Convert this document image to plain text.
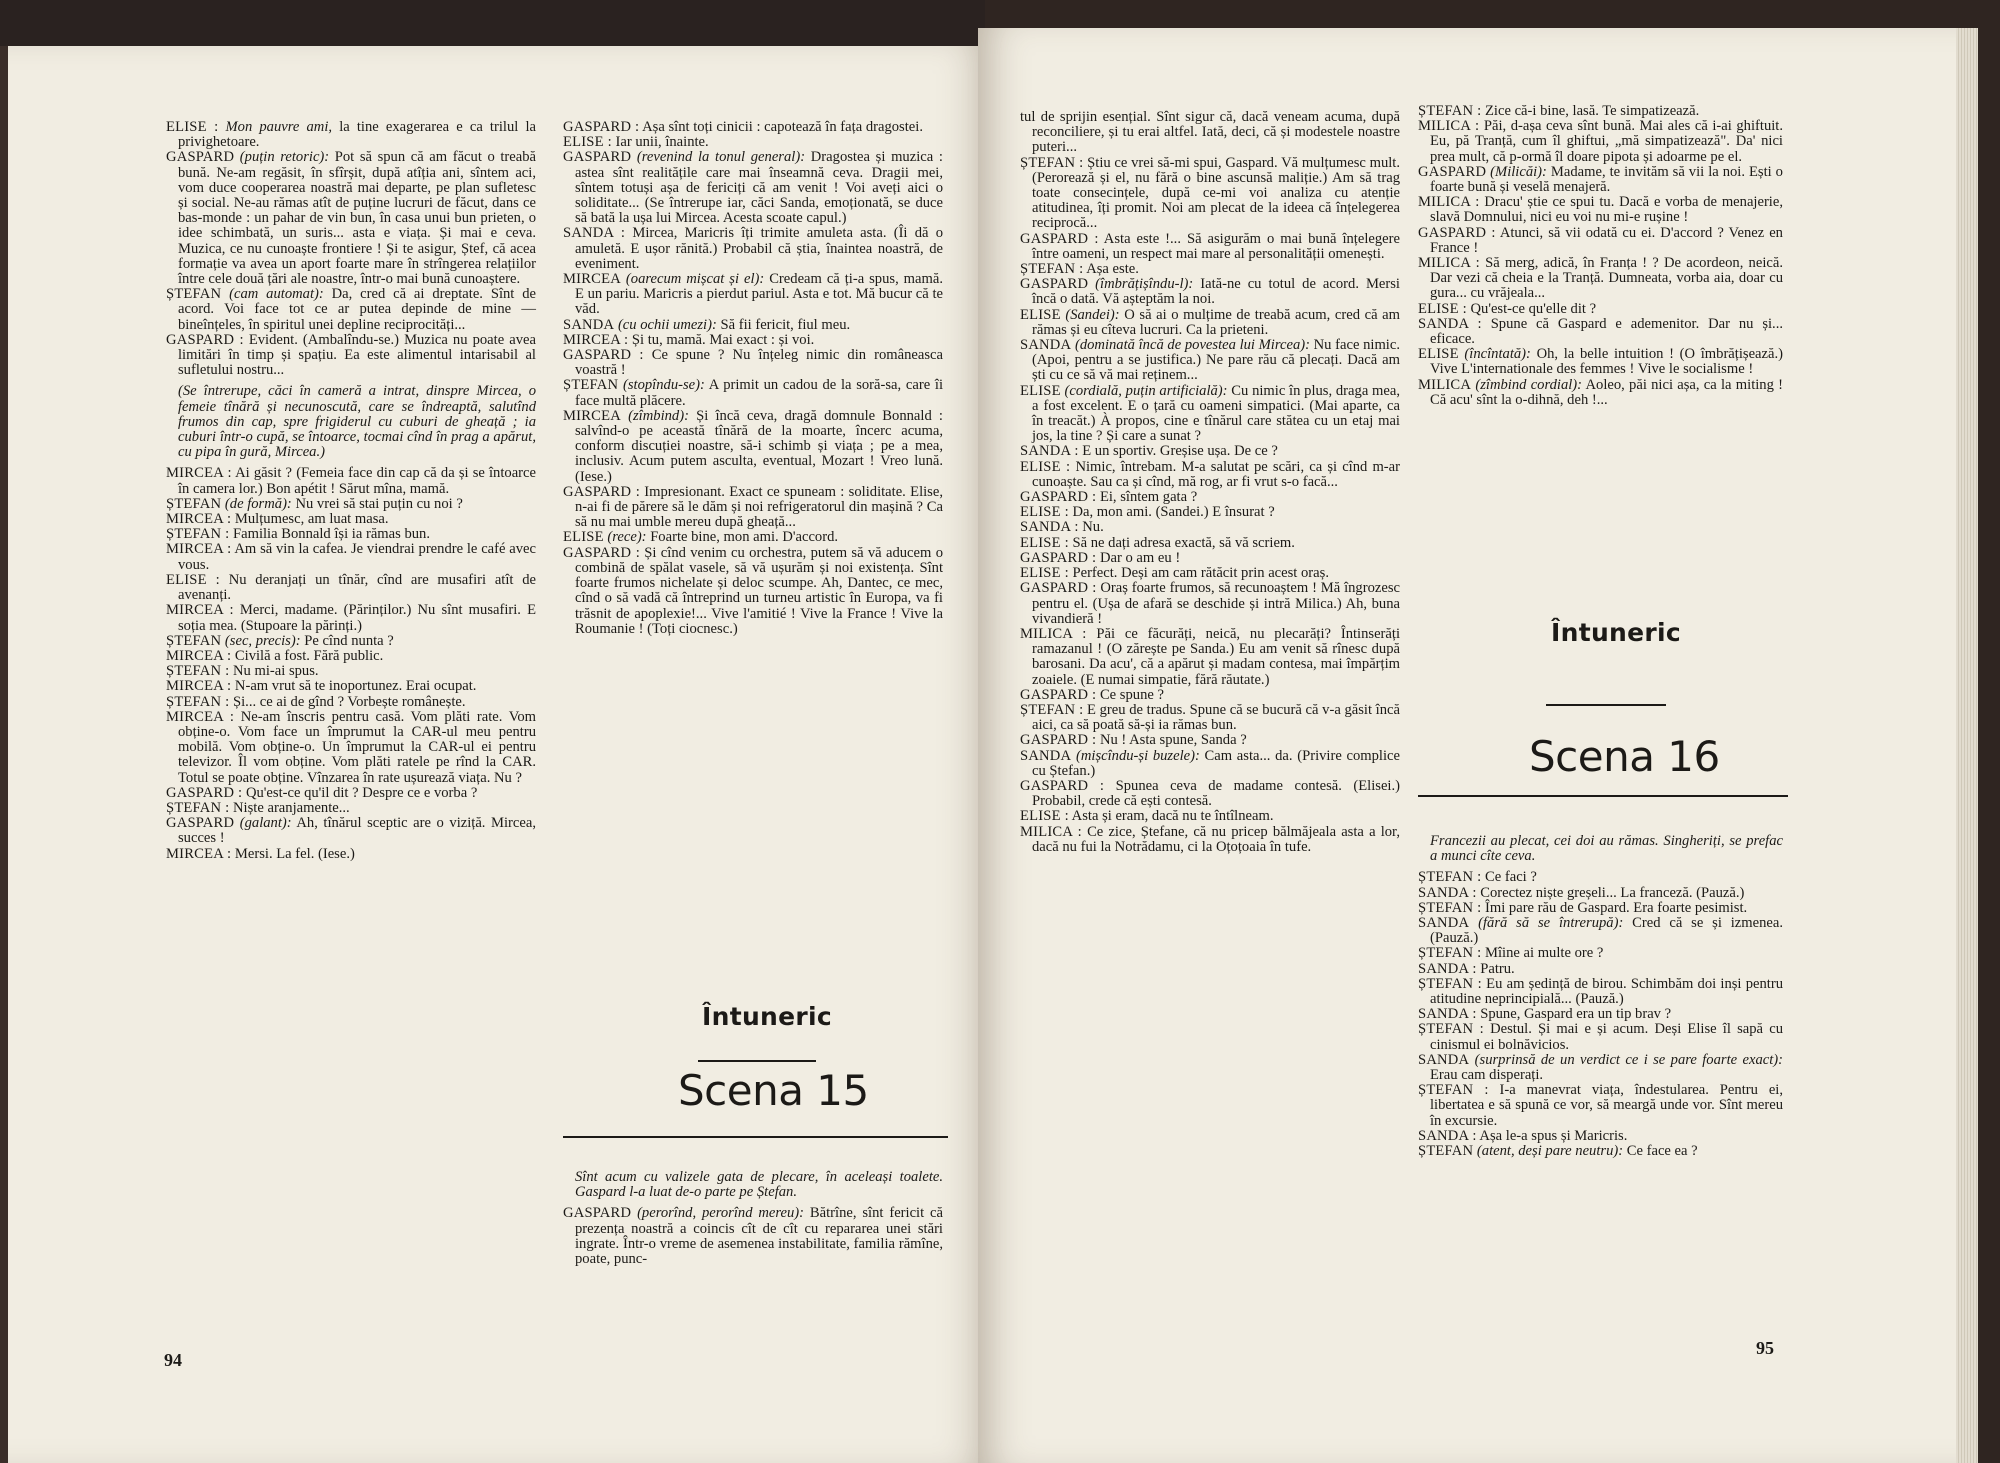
ELISE : Mon pauvre ami, la tine exagerarea e ca trilul la privighetoare.

GASPARD (puțin retoric): Pot să spun că am făcut o treabă bună. Ne-am regăsit, în sfîrșit, după atîția ani, sîntem aci, vom duce cooperarea noastră mai departe, pe plan sufletesc și social. Ne-au rămas atît de puține lucruri de făcut, dans ce bas-monde : un pahar de vin bun, în casa unui bun prieten, o idee schimbată, un suris... asta e viața. Și mai e ceva. Muzica, ce nu cunoaște frontiere ! Și te asigur, Ștef, că acea formație va avea un aport foarte mare în strîngerea relațiilor între cele două țări ale noastre, într-o mai bună cunoaștere.

ȘTEFAN (cam automat): Da, cred că ai dreptate. Sînt de acord. Voi face tot ce ar putea depinde de mine — bineînțeles, în spiritul unei depline reciprocități...

GASPARD : Evident. (Ambalîndu-se.) Muzica nu poate avea limitări în timp și spațiu. Ea este alimentul intarisabil al sufletului nostru...

(Se întrerupe, căci în cameră a intrat, dinspre Mircea, o femeie tînără și necunoscută, care se îndreaptă, salutînd frumos din cap, spre frigiderul cu cuburi de gheață ; ia cuburi într-o cupă, se întoarce, tocmai cînd în prag a apărut, cu pipa în gură, Mircea.)

MIRCEA : Ai găsit ? (Femeia face din cap că da și se întoarce în camera lor.) Bon apétit ! Sărut mîna, mamă.

ȘTEFAN (de formă): Nu vrei să stai puțin cu noi ?

MIRCEA : Mulțumesc, am luat masa.

ȘTEFAN : Familia Bonnald își ia rămas bun.

MIRCEA : Am să vin la cafea. Je viendrai prendre le café avec vous.

ELISE : Nu deranjați un tînăr, cînd are musafiri atît de avenanți.

MIRCEA : Merci, madame. (Părinților.) Nu sînt musafiri. E soția mea. (Stupoare la părinți.)

ȘTEFAN (sec, precis): Pe cînd nunta ?

MIRCEA : Civilă a fost. Fără public.

ȘTEFAN : Nu mi-ai spus.

MIRCEA : N-am vrut să te inoportunez. Erai ocupat.

ȘTEFAN : Și... ce ai de gînd ? Vorbește românește.

MIRCEA : Ne-am înscris pentru casă. Vom plăti rate. Vom obține-o. Vom face un împrumut la CAR-ul meu pentru mobilă. Vom obține-o. Un împrumut la CAR-ul ei pentru televizor. Îl vom obține. Vom plăti ratele pe rînd la CAR. Totul se poate obține. Vînzarea în rate ușurează viața. Nu ?

GASPARD : Qu'est-ce qu'il dit ? Despre ce e vorba ?

ȘTEFAN : Niște aranjamente...

GASPARD (galant): Ah, tînărul sceptic are o viziță. Mircea, succes !

MIRCEA : Mersi. La fel. (Iese.)

GASPARD : Așa sînt toți cinicii : capotează în fața dragostei.

ELISE : Iar unii, înainte.

GASPARD (revenind la tonul general): Dragostea și muzica : astea sînt realitățile care mai înseamnă ceva. Dragii mei, sîntem totuși așa de fericiți că am venit ! Voi aveți aici o soliditate... (Se întrerupe iar, căci Sanda, emoționată, se duce să bată la ușa lui Mircea. Acesta scoate capul.)

SANDA : Mircea, Maricris îți trimite amuleta asta. (Îi dă o amuletă. E ușor rănită.) Probabil că știa, înaintea noastră, de eveniment.

MIRCEA (oarecum mișcat și el): Credeam că ți-a spus, mamă. E un pariu. Maricris a pierdut pariul. Asta e tot. Mă bucur că te văd.

SANDA (cu ochii umezi): Să fii fericit, fiul meu.

MIRCEA : Și tu, mamă. Mai exact : și voi.

GASPARD : Ce spune ? Nu înțeleg nimic din româneasca voastră !

ȘTEFAN (stopîndu-se): A primit un cadou de la soră-sa, care îi face multă plăcere.

MIRCEA (zîmbind): Și încă ceva, dragă domnule Bonnald : salvînd-o pe această tînără de la moarte, încerc acuma, conform discuției noastre, să-i schimb și viața ; pe a mea, inclusiv. Acum putem asculta, eventual, Mozart ! Vreo lună. (Iese.)

GASPARD : Impresionant. Exact ce spuneam : soliditate. Elise, n-ai fi de părere să le dăm și noi refrigeratorul din mașină ? Ca să nu mai umble mereu după gheață...

ELISE (rece): Foarte bine, mon ami. D'accord.

GASPARD : Și cînd venim cu orchestra, putem să vă aducem o combină de spălat vasele, să vă ușurăm și noi existența. Sînt foarte frumos nichelate și deloc scumpe. Ah, Dantec, ce mec, cînd o să vadă că întreprind un turneu artistic în Europa, va fi trăsnit de apoplexie!... Vive l'amitié ! Vive la France ! Vive la Roumanie ! (Toți ciocnesc.)

Întuneric
Scena 15

Sînt acum cu valizele gata de plecare, în aceleași toalete. Gaspard l-a luat de-o parte pe Ștefan.

GASPARD (perorînd, perorînd mereu): Bătrîne, sînt fericit că prezența noastră a coincis cît de cît cu repararea unei stări ingrate. Într-o vreme de asemenea instabilitate, familia rămîne, poate, punc-

94

tul de sprijin esențial. Sînt sigur că, dacă veneam acuma, după reconciliere, și tu erai altfel. Iată, deci, că și modestele noastre puteri...

ȘTEFAN : Știu ce vrei să-mi spui, Gaspard. Vă mulțumesc mult. (Perorează și el, nu fără o bine ascunsă maliție.) Am să trag toate consecințele, după ce-mi voi analiza cu atenție atitudinea, îți promit. Noi am plecat de la ideea că înțelegerea reciprocă...

GASPARD : Asta este !... Să asigurăm o mai bună înțelegere între oameni, un respect mai mare al personalității omenești.

ȘTEFAN : Așa este.

GASPARD (îmbrățișîndu-l): Iată-ne cu totul de acord. Mersi încă o dată. Vă așteptăm la noi.

ELISE (Sandei): O să ai o mulțime de treabă acum, cred că am rămas și eu cîteva lucruri. Ca la prieteni.

SANDA (dominată încă de povestea lui Mircea): Nu face nimic. (Apoi, pentru a se justifica.) Ne pare rău că plecați. Dacă am ști cu ce să vă mai reținem...

ELISE (cordială, puțin artificială): Cu nimic în plus, draga mea, a fost excelent. E o țară cu oameni simpatici. (Mai aparte, ca în treacăt.) À propos, cine e tînărul care stătea cu un etaj mai jos, la tine ? Și care a sunat ?

SANDA : E un sportiv. Greșise ușa. De ce ?

ELISE : Nimic, întrebam. M-a salutat pe scări, ca și cînd m-ar cunoaște. Sau ca și cînd, mă rog, ar fi vrut s-o facă...

GASPARD : Ei, sîntem gata ?

ELISE : Da, mon ami. (Sandei.) E însurat ?

SANDA : Nu.

ELISE : Să ne dați adresa exactă, să vă scriem.

GASPARD : Dar o am eu !

ELISE : Perfect. Deși am cam rătăcit prin acest oraș.

GASPARD : Oraș foarte frumos, să recunoaștem ! Mă îngrozesc pentru el. (Ușa de afară se deschide și intră Milica.) Ah, buna vivandieră !

MILICA : Păi ce făcurăți, neică, nu plecarăți? Întinserăți ramazanul ! (O zărește pe Sanda.) Eu am venit să rînesc după barosani. Da acu', că a apărut și madam contesa, mai împărțim zoaiele. (E numai simpatie, fără răutate.)

GASPARD : Ce spune ?

ȘTEFAN : E greu de tradus. Spune că se bucură că v-a găsit încă aici, ca să poată să-și ia rămas bun.

GASPARD : Nu ! Asta spune, Sanda ?

SANDA (mișcîndu-și buzele): Cam asta... da. (Privire complice cu Ștefan.)

GASPARD : Spunea ceva de madame contesă. (Elisei.) Probabil, crede că ești contesă.

ELISE : Asta și eram, dacă nu te întîlneam.

MILICA : Ce zice, Ștefane, că nu pricep bălmăjeala asta a lor, dacă nu fui la Notrădamu, ci la Oțoțoaia în tufe.

ȘTEFAN : Zice că-i bine, lasă. Te simpatizează.

MILICA : Păi, d-așa ceva sînt bună. Mai ales că i-ai ghiftuit. Eu, pă Tranță, cum îl ghiftui, „mă simpatizează". Da' nici prea mult, că p-ormă îl doare pipota și adoarme pe el.

GASPARD (Milicăi): Madame, te invităm să vii la noi. Ești o foarte bună și veselă menajeră.

MILICA : Dracu' știe ce spui tu. Dacă e vorba de menajerie, slavă Domnului, nici eu voi nu mi-e rușine !

GASPARD : Atunci, să vii odată cu ei. D'accord ? Venez en France !

MILICA : Să merg, adică, în Franța ! ? De acordeon, neică. Dar vezi că cheia e la Tranță. Dumneata, vorba aia, doar cu gura... cu vrăjeala...

ELISE : Qu'est-ce qu'elle dit ?

SANDA : Spune că Gaspard e ademenitor. Dar nu și... eficace.

ELISE (încîntată): Oh, la belle intuition ! (O îmbrățișează.) Vive L'internationale des femmes ! Vive le socialisme !

MILICA (zîmbind cordial): Aoleo, păi nici așa, ca la miting ! Că acu' sînt la o-dihnă, deh !...

Întuneric
Scena 16

Francezii au plecat, cei doi au rămas. Singheriți, se prefac a munci cîte ceva.

ȘTEFAN : Ce faci ?

SANDA : Corectez niște greșeli... La franceză. (Pauză.)

ȘTEFAN : Îmi pare rău de Gaspard. Era foarte pesimist.

SANDA (fără să se întrerupă): Cred că se și izmenea. (Pauză.)

ȘTEFAN : Mîine ai multe ore ?

SANDA : Patru.

ȘTEFAN : Eu am ședință de birou. Schimbăm doi inși pentru atitudine neprincipială... (Pauză.)

SANDA : Spune, Gaspard era un tip brav ?

ȘTEFAN : Destul. Și mai e și acum. Deși Elise îl sapă cu cinismul ei bolnăvicios.

SANDA (surprinsă de un verdict ce i se pare foarte exact): Erau cam disperați.

ȘTEFAN : I-a manevrat viața, îndestularea. Pentru ei, libertatea e să spună ce vor, să meargă unde vor. Sînt mereu în excursie.

SANDA : Așa le-a spus și Maricris.

ȘTEFAN (atent, deși pare neutru): Ce face ea ?

95
